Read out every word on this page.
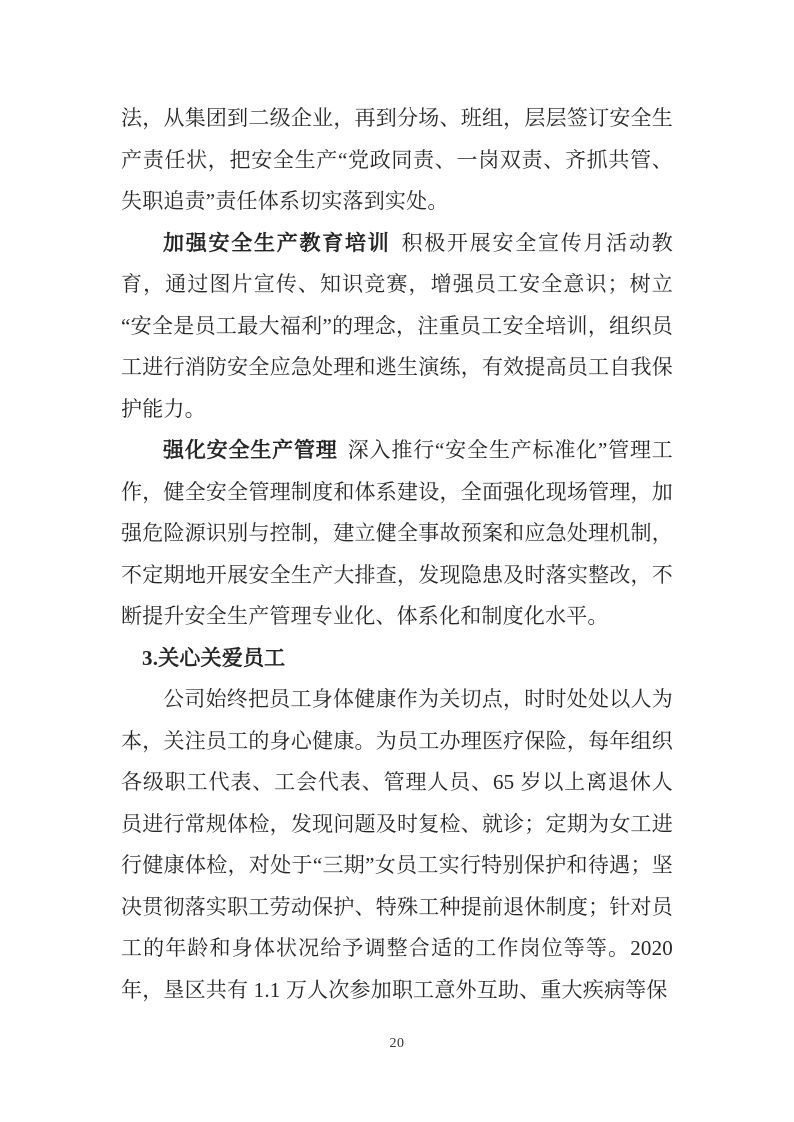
法，从集团到二级企业，再到分场、班组，层层签订安全生产责任状，把安全生产“党政同责、一岗双责、齐抓共管、失职追责”责任体系切实落到实处。

加强安全生产教育培训 积极开展安全宣传月活动教育，通过图片宣传、知识竞赛，增强员工安全意识；树立“安全是员工最大福利”的理念，注重员工安全培训，组织员工进行消防安全应急处理和逃生演练，有效提高员工自我保护能力。

强化安全生产管理 深入推行“安全生产标准化”管理工作，健全安全管理制度和体系建设，全面强化现场管理，加强危险源识别与控制，建立健全事故预案和应急处理机制，不定期地开展安全生产大排查，发现隐患及时落实整改，不断提升安全生产管理专业化、体系化和制度化水平。

3.关心关爱员工

公司始终把员工身体健康作为关切点，时时处处以人为本，关注员工的身心健康。为员工办理医疗保险，每年组织各级职工代表、工会代表、管理人员、65 岁以上离退休人员进行常规体检，发现问题及时复检、就诊；定期为女工进行健康体检，对处于“三期”女员工实行特别保护和待遇；坚决贯彻落实职工劳动保护、特殊工种提前退休制度；针对员工的年龄和身体状况给予调整合适的工作岗位等等。2020 年，垦区共有 1.1 万人次参加职工意外互助、重大疾病等保

20
